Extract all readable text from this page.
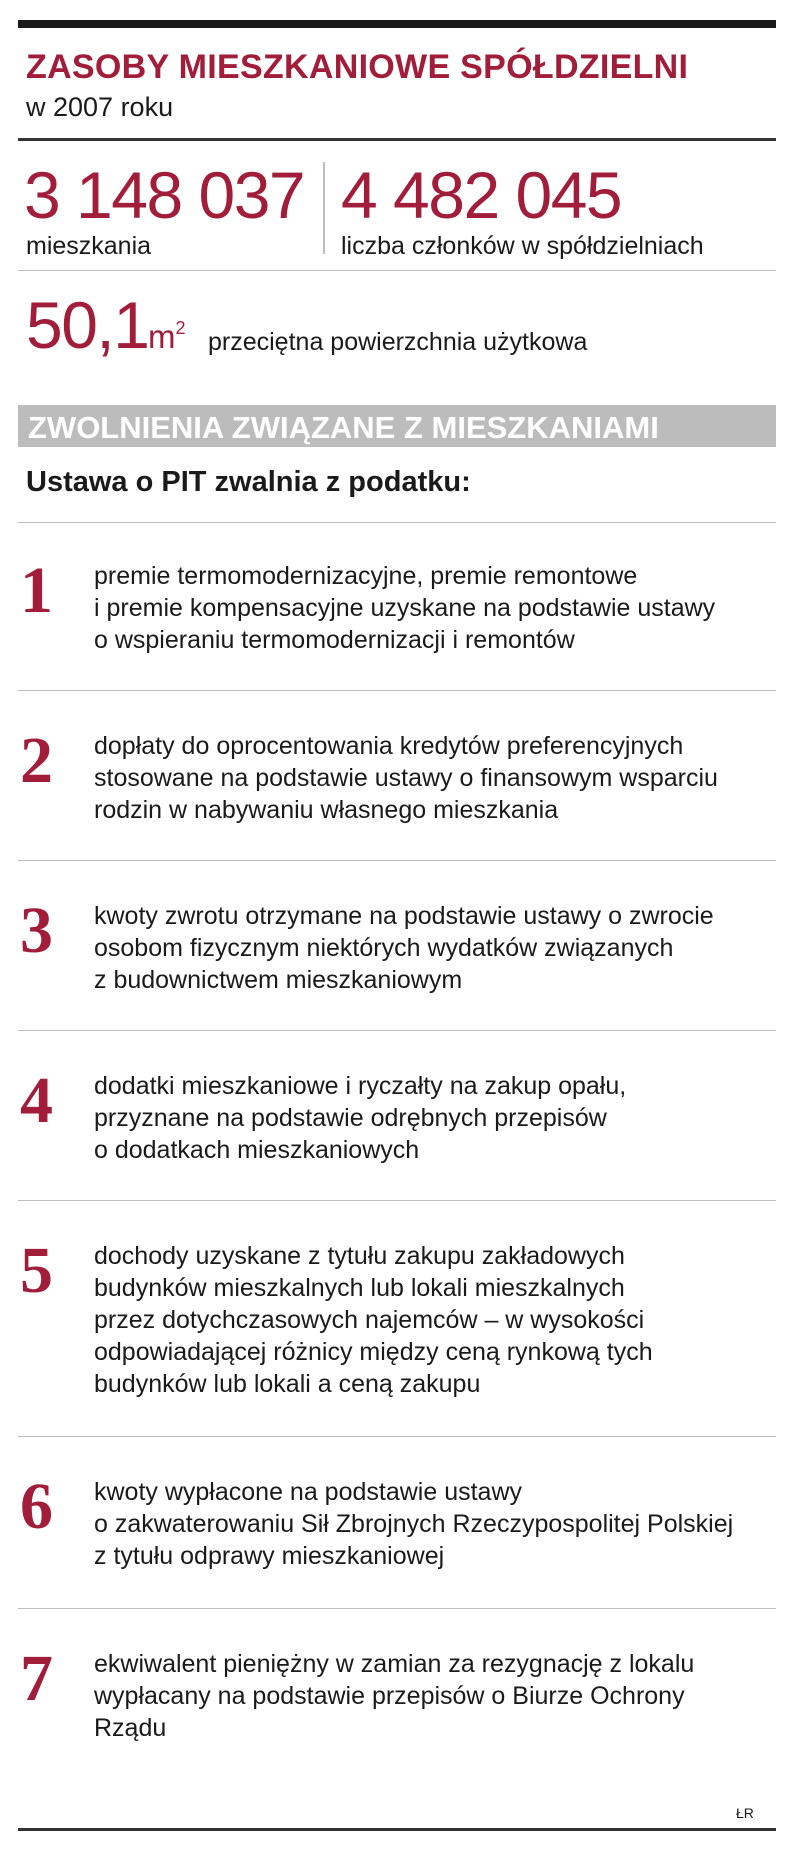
ZASOBY MIESZKANIOWE SPÓŁDZIELNI
w 2007 roku
3 148 037
mieszkania
4 482 045
liczba członków w spółdzielniach
50,1 $m^2$ przeciętna powierzchnia użytkowa
ZWOLNIENIA ZWIĄZANE Z MIESZKANIAMI
Ustawa o PIT zwalnia z podatku:
1 premie termomodernizacyjne, premie remontowe
i premie kompensacyjne uzyskane na podstawie ustawy
o wspieraniu termomodernizacji i remontów
2 dopłaty do oprocentowania kredytów preferencyjnych
stosowane na podstawie ustawy o finansowym wsparciu
rodzin w nabywaniu własnego mieszkania
3 kwoty zwrotu otrzymane na podstawie ustawy o zwrocie
osobom fizycznym niektórych wydatków związanych
z budownictwem mieszkaniowym
4 dodatki mieszkaniowe i ryczałty na zakup opału,
przyznane na podstawie odrębnych przepisów
o dodatkach mieszkaniowych
5 dochody uzyskane z tytułu zakupu zakładowych
budynków mieszkalnych lub lokali mieszkalnych
przez dotychczasowych najemców – w wysokości
odpowiadającej różnicy między ceną rynkową tych
budynków lub lokali a ceną zakupu
6 kwoty wypłacone na podstawie ustawy
o zakwaterowaniu Sił Zbrojnych Rzeczypospolitej Polskiej
z tytułu odprawy mieszkaniowej
7 ekwiwalent pieniężny w zamian za rezygnację z lokalu
wypłacany na podstawie przepisów o Biurze Ochrony
Rządu
ŁR
